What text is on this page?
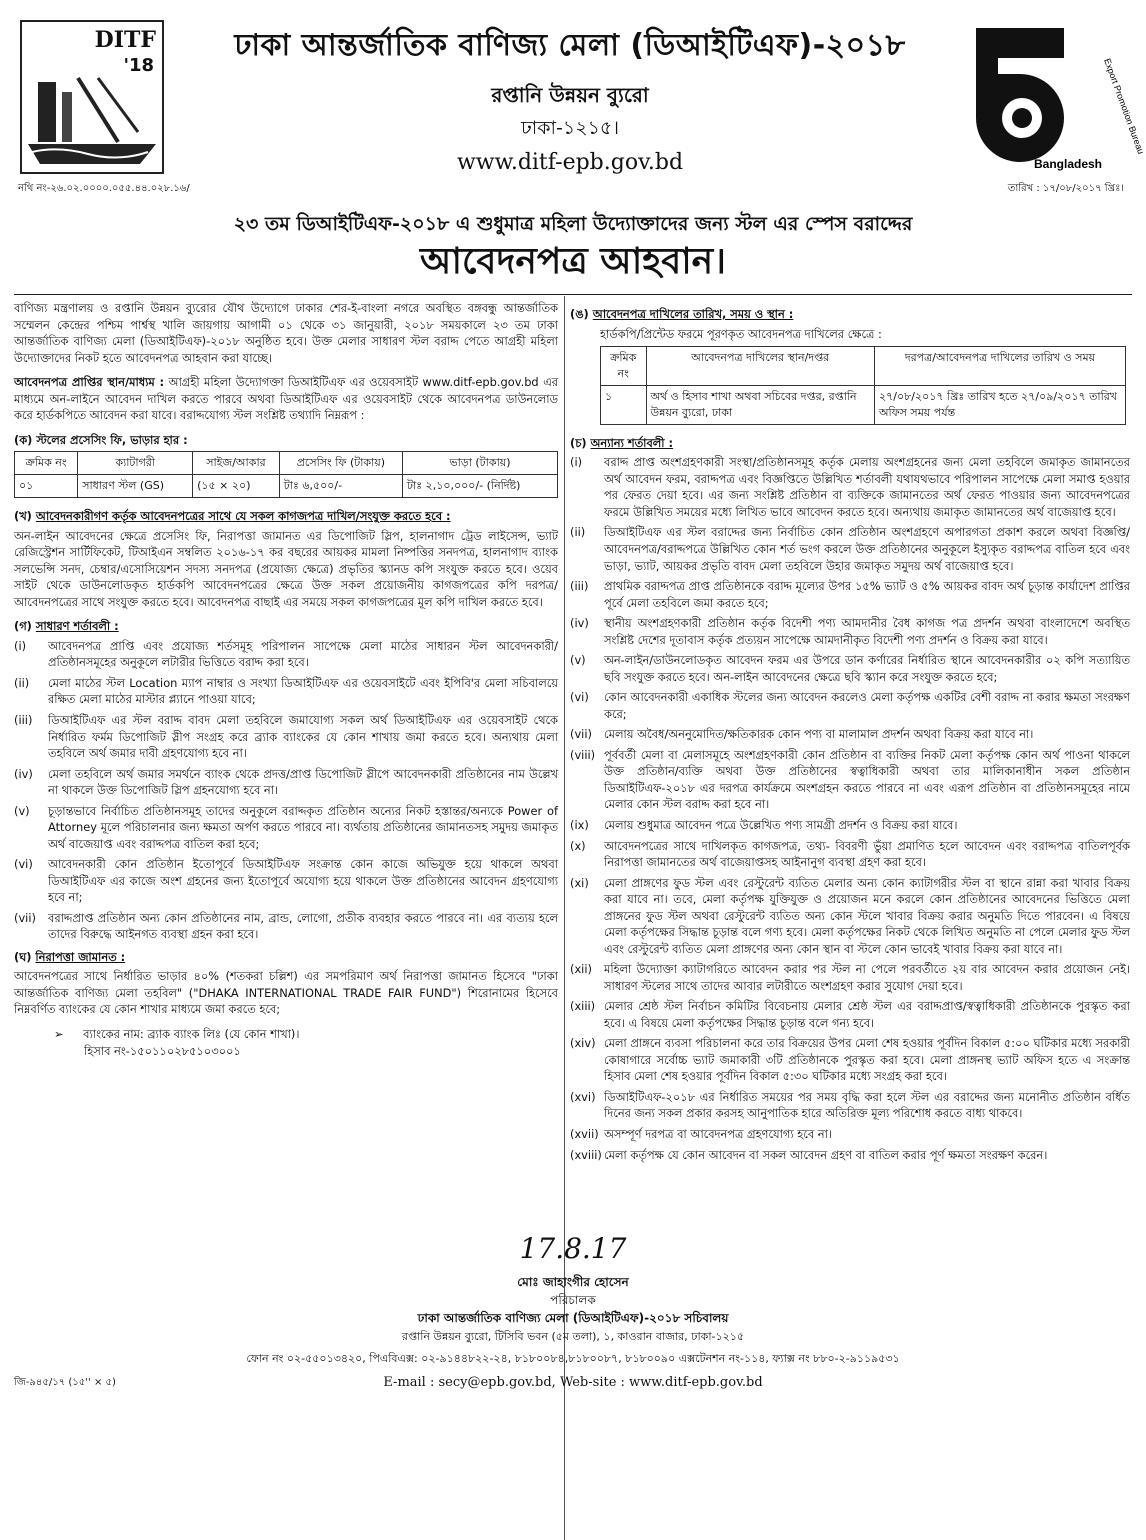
DITF
'18
ঢাকা আন্তর্জাতিক বাণিজ্য মেলা (ডিআইটিএফ)-২০১৮
রপ্তানি উন্নয়ন ব্যুরো
ঢাকা-১২১৫।
www.ditf-epb.gov.bd
Export Promotion Bureau
Bangladesh
নথি নং-২৬.০২.০০০০.০৫৫.৪৪.০২৮.১৬/	তারিখ : ১৭/০৮/২০১৭ খ্রিঃ।
২৩ তম ডিআইটিএফ-২০১৮ এ শুধুমাত্র মহিলা উদ্যোক্তাদের জন্য স্টল এর স্পেস বরাদ্দের
আবেদনপত্র আহবান।

বাণিজ্য মন্ত্রণালয় ও রপ্তানি উন্নয়ন ব্যুরোর যৌথ উদ্যোগে ঢাকার শের-ই-বাংলা নগরে অবস্থিত বঙ্গবন্ধু আন্তর্জাতিক সম্মেলন কেন্দ্রের পশ্চিম পার্শ্বস্থ খালি জায়গায় আগামী ০১ থেকে ৩১ জানুয়ারী, ২০১৮ সময়কালে ২৩ তম ঢাকা আন্তর্জাতিক বাণিজ্য মেলা (ডিআইটিএফ)-২০১৮ অনুষ্ঠিত হবে। উক্ত মেলার সাধারণ স্টল বরাদ্দ পেতে আগ্রহী মহিলা উদ্যোক্তাদের নিকট হতে আবেদনপত্র আহবান করা যাচ্ছে।

আবেদনপত্র প্রাপ্তির স্থান/মাধ্যম : আগ্রহী মহিলা উদ্যোগক্তা ডিআইটিএফ এর ওয়েবসাইট www.ditf-epb.gov.bd এর মাধ্যমে অন-লাইনে আবেদন দাখিল করতে পারবে অথবা ডিআইটিএফ এর ওয়েবসাইট থেকে আবেদনপত্র ডাউনলোড করে হার্ডকপিতে আবেদন করা যাবে। বরাদ্দযোগ্য স্টল সংশ্লিষ্ট তথ্যাদি নিম্নরূপ :

(ক) স্টলের প্রসেসিং ফি, ভাড়ার হার :
ক্রমিক নং	ক্যাটাগরী	সাইজ/আকার	প্রসেসিং ফি (টাকায়)	ভাড়া (টাকায়)
০১	সাধারণ স্টল (GS)	(১৫ × ২০)	টাঃ ৬,৫০০/-	টাঃ ২,১০,০০০/- (নির্দিষ্ট)
(খ) আবেদনকারীগণ কর্তৃক আবেদনপত্রের সাথে যে সকল কাগজপত্র দাখিল/সংযুক্ত করতে হবে :

অন-লাইন আবেদনের ক্ষেত্রে প্রসেসিং ফি, নিরাপত্তা জামানত এর ডিপোজিট স্লিপ, হালনাগাদ ট্রেড লাইসেন্স, ভ্যাট রেজিস্ট্রেশন সার্টিফিকেট, টিআইএন সম্বলিত ২০১৬-১৭ কর বছরের আয়কর মামলা নিষ্পত্তির সনদপত্র, হালনাগাদ ব্যাংক সলভেন্সি সনদ, চেম্বার/এসোসিয়েশন সদস্য সনদপত্র (প্রযোজ্য ক্ষেত্রে) প্রভৃতির স্ক্যানড কপি সংযুক্ত করতে হবে। ওয়েব সাইট থেকে ডাউনলোডকৃত হার্ডকপি আবেদনপত্রের ক্ষেত্রে উক্ত সকল প্রয়োজনীয় কাগজপত্রের কপি দরপত্র/আবেদনপত্রের সাথে সংযুক্ত করতে হবে। আবেদনপত্র বাছাই এর সময়ে সকল কাগজপত্রের মূল কপি দাখিল করতে হবে।

(গ) সাধারণ শর্তাবলী :
(i)	আবেদনপত্র প্রাপ্তি এবং প্রযোজ্য শর্তসমূহ পরিপালন সাপেক্ষে মেলা মাঠের সাধারন স্টল আবেদনকারী/প্রতিষ্ঠানসমূহের অনুকূলে লটারীর ভিত্তিতে বরাদ্দ করা হবে।
(ii)	মেলা মাঠের স্টল Location ম্যাপ নাম্বার ও সংখ্যা ডিআইটিএফ এর ওয়েবসাইটে এবং ইপিবি'র মেলা সচিবালয়ে রক্ষিত মেলা মাঠের মাস্টার প্ল্যানে পাওয়া যাবে;
(iii)	ডিআইটিএফ এর স্টল বরাদ্দ বাবদ মেলা তহবিলে জমাযোগ্য সকল অর্থ ডিআইটিএফ এর ওয়েবসাইট থেকে নির্ধারিত ফর্মম ডিপোজিট স্লীপ সংগ্রহ করে ব্র্যাক ব্যাংকের যে কোন শাখায় জমা করতে হবে। অন্যথায় মেলা তহবিলে অর্থ জমার দাবী গ্রহণযোগ্য হবে না।
(iv)	মেলা তহবিলে অর্থ জমার সমর্থনে ব্যাংক থেকে প্রদত্ত/প্রাপ্ত ডিপোজিট স্লীপে আবেদনকারী প্রতিষ্ঠানের নাম উল্লেখ না থাকলে উক্ত ডিপোজিট স্লিপ গ্রহনযোগ্য হবে না।
(v)	চূড়ান্তভাবে নির্বাচিত প্রতিষ্ঠানসমূহ তাদের অনুকূলে বরাদ্দকৃত প্রতিষ্ঠান অন্যের নিকট হস্তান্তর/অন্যকে Power of Attorney মূলে পরিচালনার জন্য ক্ষমতা অর্পণ করতে পারবে না। ব্যর্থতায় প্রতিষ্ঠানের জামানতসহ সমুদয় জমাকৃত অর্থ বাজেয়াপ্ত এবং বরাদ্দপত্র বাতিল করা হবে;
(vi)	আবেদনকারী কোন প্রতিষ্ঠান ইতোপূর্বে ডিআইটিএফ সংক্রান্ত কোন কাজে অভিযুক্ত হয়ে থাকলে অথবা ডিআইটিএফ এর কাজে অংশ গ্রহনের জন্য ইতোপূর্বে অযোগ্য হয়ে থাকলে উক্ত প্রতিষ্ঠানের আবেদন গ্রহণযোগ্য হবে না;
(vii)	বরাদ্দপ্রাপ্ত প্রতিষ্ঠান অন্য কোন প্রতিষ্ঠানের নাম, ব্রান্ড, লোগো, প্রতীক ব্যবহার করতে পারবে না। এর ব্যত্যয় হলে তাদের বিরুদ্ধে আইনগত ব্যবস্থা গ্রহন করা হবে।
(ঘ) নিরাপত্তা জামানত :

আবেদনপত্রের সাথে নির্ধারিত ভাড়ার ৪০% (শতকরা চল্লিশ) এর সমপরিমাণ অর্থ নিরাপত্তা জামানত হিসেবে "ঢাকা আন্তর্জাতিক বাণিজ্য মেলা তহবিল" ("DHAKA INTERNATIONAL TRADE FAIR FUND") শিরোনামের হিসেবে নিম্নবর্ণিত ব্যাংকের যে কোন শাখার মাধ্যমে জমা করতে হবে;

➢ ব্যাংকের নাম: ব্র্যাক ব্যাংক লিঃ (যে কোন শাখা)।
হিসাব নং-১৫০১১০২৮৫১০৩০০১
(ঙ) আবেদনপত্র দাখিলের তারিখ, সময় ও স্থান :
হার্ডকপি/প্রিন্টেড ফরমে পূরণকৃত আবেদনপত্র দাখিলের ক্ষেত্রে :
ক্রমিক নং	আবেদনপত্র দাখিলের স্থান/দপ্তর	দরপত্র/আবেদনপত্র দাখিলের তারিখ ও সময়
১	অর্থ ও হিসাব শাখা অথবা সচিবের দপ্তর, রপ্তানি উন্নয়ন ব্যুরো, ঢাকা	২৭/০৮/২০১৭ খ্রিঃ তারিখ হতে ২৭/০৯/২০১৭ তারিখ অফিস সময় পর্যন্ত
(চ) অন্যান্য শর্তাবলী :
(i)	বরাদ্দ প্রাপ্ত অংশগ্রহণকারী সংস্থা/প্রতিষ্ঠানসমূহ কর্তৃক মেলায় অংশগ্রহনের জন্য মেলা তহবিলে জমাকৃত জামানতের অর্থ আবেদন ফরম, বরাদ্দপত্র এবং বিজ্ঞপ্তিতে উল্লিখিত শর্তাবলী যথাযথভাবে পরিপালন সাপেক্ষে মেলা সমাপ্ত হওয়ার পর ফেরত দেয়া হবে। এর জন্য সংশ্লিষ্ট প্রতিষ্ঠান বা ব্যক্তিকে জামানতের অর্থ ফেরত পাওয়ার জন্য আবেদনপত্রের ফরমে উল্লিখিত সময়ের মধ্যে লিখিত ভাবে আবেদন করতে হবে। অন্যথায় জমাকৃত জামানতের অর্থ বাজেয়াপ্ত হবে।
(ii)	ডিআইটিএফ এর স্টল বরাদ্দের জন্য নির্বাচিত কোন প্রতিষ্ঠান অংশগ্রহণে অপারগতা প্রকাশ করলে অথবা বিজ্ঞপ্তি/ আবেদনপত্র/বরাদ্দপত্রে উল্লিখিত কোন শর্ত ভংগ করলে উক্ত প্রতিষ্ঠানের অনুকূলে ইস্যুকৃত বরাদ্দপত্র বাতিল হবে এবং ভাড়া, ভ্যাট, আয়কর প্রভৃতি বাবদ মেলা তহবিলে উহার জমাকৃত সমুদয় অর্থ বাজেয়াপ্ত হবে।
(iii)	প্রাথমিক বরাদ্দপত্র প্রাপ্ত প্রতিষ্ঠানকে বরাদ্দ মূল্যের উপর ১৫% ভ্যাট ও ৫% আয়কর বাবদ অর্থ চূড়ান্ত কার্যাদেশ প্রাপ্তির পূর্বে মেলা তহবিলে জমা করতে হবে;
(iv)	স্থানীয় অংশগ্রহণকারী প্রতিষ্ঠান কর্তৃক বিদেশী পণ্য আমদানীর বৈধ কাগজ পত্র প্রদর্শন অথবা বাংলাদেশে অবস্থিত সংশ্লিষ্ট দেশের দূতাবাস কর্তৃক প্রত্যয়ন সাপেক্ষে আমদানীকৃত বিদেশী পণ্য প্রদর্শন ও বিক্রয় করা যাবে।
(v)	অন-লাইন/ডাউনলোডকৃত আবেদন ফরম এর উপরে ডান কর্ণারের নির্ধারিত স্থানে আবেদনকারীর ০২ কপি সত্যায়িত ছবি সংযুক্ত করতে হবে। অন-লাইন আবেদনের ক্ষেত্রে ছবি স্ক্যান করে সংযুক্ত করতে হবে;
(vi)	কোন আবেদনকারী একাধিক স্টলের জন্য আবেদন করলেও মেলা কর্তৃপক্ষ একটির বেশী বরাদ্দ না করার ক্ষমতা সংরক্ষণ করে;
(vii)	মেলায় অবৈধ/অননুমোদিত/ক্ষতিকারক কোন পণ্য বা মালামাল প্রদর্শন অথবা বিক্রয় করা যাবে না।
(viii) পূর্ববর্তী মেলা বা মেলাসমূহে অংশগ্রহণকারী কোন প্রতিষ্ঠান বা ব্যক্তির নিকট মেলা কর্তৃপক্ষ কোন অর্থ পাওনা থাকলে উক্ত প্রতিষ্ঠান/ব্যক্তি অথবা উক্ত প্রতিষ্ঠানের স্বত্বাধিকারী অথবা তার মালিকানাধীন সকল প্রতিষ্ঠান ডিআইটিএফ-২০১৮ এর দরপত্র কার্যক্রমে অংশগ্রহন করতে পারবে না এবং এরূপ প্রতিষ্ঠান বা প্রতিষ্ঠানসমূহের নামে মেলার কোন স্টল বরাদ্দ করা হবে না।
(ix)	মেলায় শুধুমাত্র আবেদন পত্রে উল্লেখিত পণ্য সামগ্রী প্রদর্শন ও বিক্রয় করা যাবে।
(x)	আবেদনপত্রের সাথে দাখিলকৃত কাগজপত্র, তথ্য- বিবরণী ভুঁয়া প্রমাণিত হলে আবেদন এবং বরাদ্দপত্র বাতিলপূর্বক নিরাপত্তা জামানতের অর্থ বাজেয়াপ্তসহ আইনানুগ ব্যবস্থা গ্রহণ করা হবে।
(xi)	মেলা প্রাঙ্গণের ফুড স্টল এবং রেস্টুরেন্ট ব্যতিত মেলার অন্য কোন ক্যাটাগরীর স্টল বা স্থানে রান্না করা খাবার বিক্রয় করা যাবে না। তবে, মেলা কর্তৃপক্ষ যুক্তিযুক্ত ও প্রয়োজন মনে করলে কোন প্রতিষ্ঠানের আবেদনের ভিত্তিতে মেলা প্রাঙ্গনের ফুড স্টল অথবা রেস্টুরেন্ট ব্যতিত অন্য কোন স্টলে খাবার বিক্রয় করার অনুমতি দিতে পারবেন। এ বিষয়ে মেলা কর্তৃপক্ষের সিদ্ধান্ত চূড়ান্ত বলে গণ্য হবে। মেলা কর্তৃপক্ষের নিকট থেকে লিখিত অনুমতি না পেলে মেলার ফুড স্টল এবং রেস্টুরেন্ট ব্যতিত মেলা প্রাঙ্গণের অন্য কোন স্থান বা স্টলে কোন ভাবেই খাবার বিক্রয় করা যাবে না।
(xii)	মহিলা উদ্যোক্তা ক্যাটাগরিতে আবেদন করার পর স্টল না পেলে পরবর্তীতে ২য় বার আবেদন করার প্রয়োজন নেই। সাধারণ স্টলের সাথে তাদের আবার লটারীতে অংশগ্রহণ করার সুযোগ দেয়া হবে।
(xiii) মেলার শ্রেষ্ঠ স্টল নির্বাচন কমিটির বিবেচনায় মেলার শ্রেষ্ঠ স্টল এর বরাদ্দপ্রাপ্ত/স্বত্বাধিকারী প্রতিষ্ঠানকে পুরস্কৃত করা হবে। এ বিষয়ে মেলা কর্তৃপক্ষের সিদ্ধান্ত চূড়ান্ত বলে গন্য হবে।
(xiv) মেলা প্রাঙ্গনে ব্যবসা পরিচালনা করে তার বিক্রয়ের উপর মেলা শেষ হওয়ার পূর্বদিন বিকাল ৫:০০ ঘটিকার মধ্যে সরকারী কোষাগারে সর্বোচ্চ ভ্যাট জমাকারী ৩টি প্রতিষ্ঠানকে পুরস্কৃত করা হবে। মেলা প্রাঙ্গনস্থ ভ্যাট অফিস হতে এ সংক্রান্ত হিসাব মেলা শেষ হওয়ার পূর্বদিন বিকাল ৫:৩০ ঘটিকার মধ্যে সংগ্রহ করা হবে।
(xvi) ডিআইটিএফ-২০১৮ এর নির্ধারিত সময়ের পর সময় বৃদ্ধি করা হলে স্টল এর বরাদ্দের জন্য মনোনীত প্রতিষ্ঠান বর্ধিত দিনের জন্য সকল প্রকার করসহ আনুপাতিক হারে অতিরিক্ত মূল্য পরিশোধ করতে বাধ্য থাকবে।
(xvii) অসম্পূর্ণ দরপত্র বা আবেদনপত্র গ্রহণযোগ্য হবে না।
(xviii) মেলা কর্তৃপক্ষ যে কোন আবেদন বা সকল আবেদন গ্রহণ বা বাতিল করার পূর্ণ ক্ষমতা সংরক্ষণ করেন।
17.8.17
মোঃ জাহাংগীর হোসেন
পরিচালক
ঢাকা আন্তর্জাতিক বাণিজ্য মেলা (ডিআইটিএফ)-২০১৮ সচিবালয়
রপ্তানি উন্নয়ন ব্যুরো, টিসিবি ভবন (৫ম তলা), ১, কাওরান বাজার, ঢাকা-১২১৫
ফোন নং ০২-৫৫০১৩৪২০, পিএবিএক্স: ০২-৯১৪৪৮২২-২৪, ৮১৮০০৮৪,৮১৮০০৮৭, ৮১৮০০৯০ এক্সটেনশন নং-১১৪, ফ্যাক্স নং ৮৮০-২-৯১১৯৫৩১
E-mail : secy@epb.gov.bd, Web-site : www.ditf-epb.gov.bd
জি-৯৪৫/১৭ (১৫'' × ৫)
